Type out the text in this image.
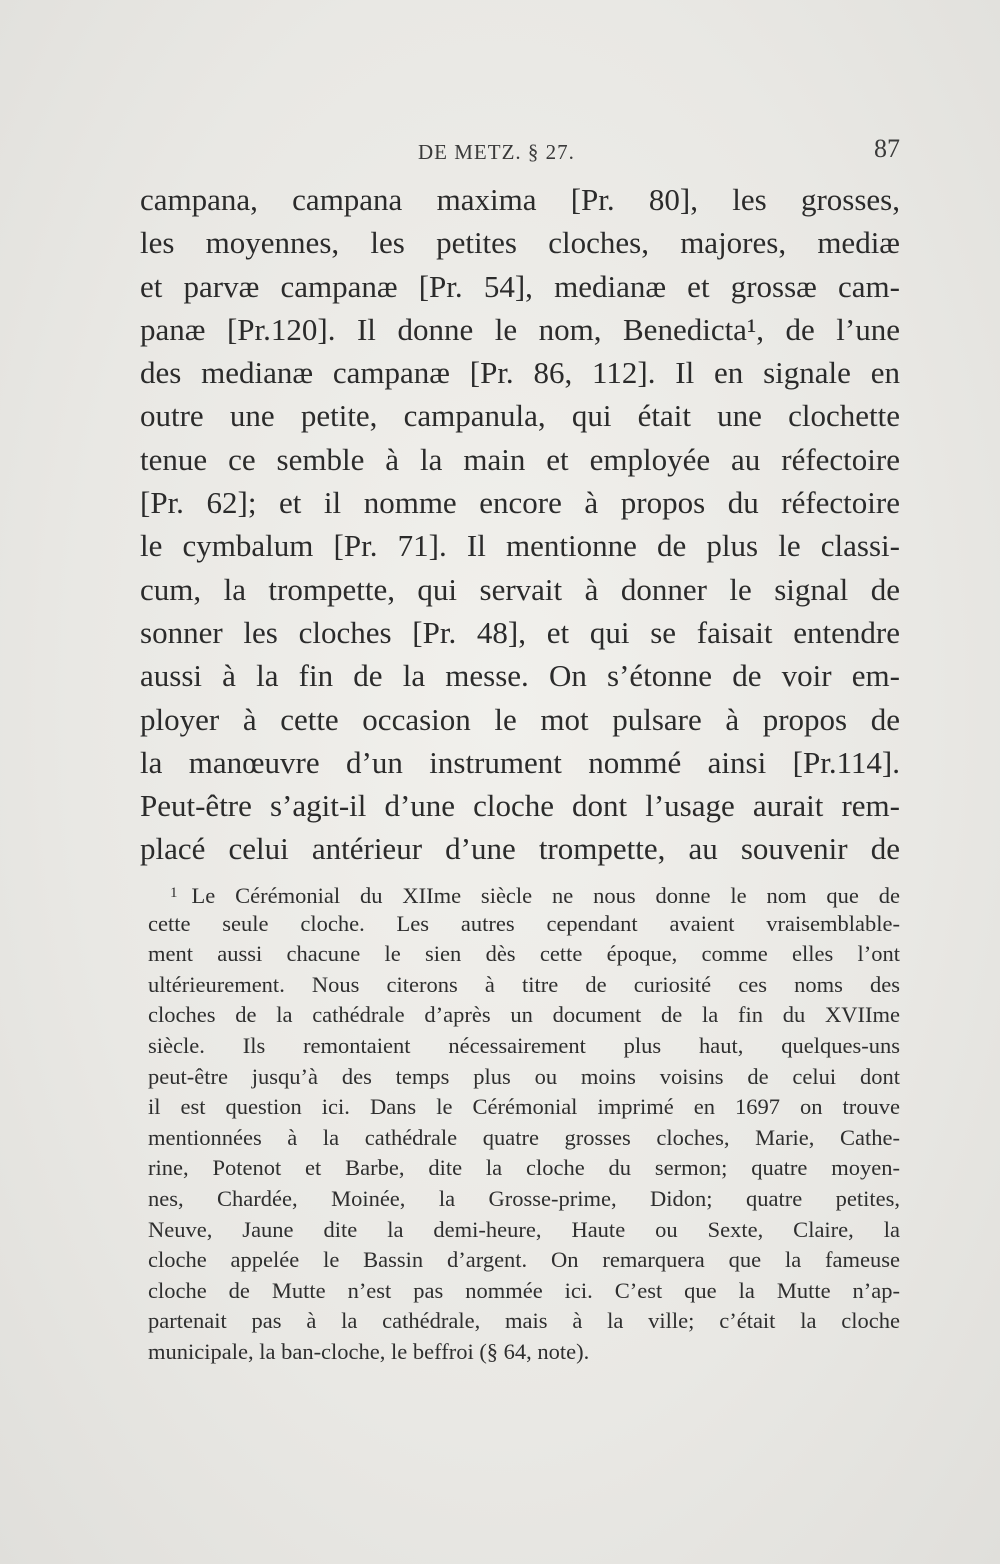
DE METZ. § 27.	87
campana, campana maxima [Pr. 80], les grosses,
les moyennes, les petites cloches, majores, mediæ
et parvæ campanæ [Pr. 54], medianæ et grossæ cam-
panæ [Pr.120]. Il donne le nom, Benedicta¹, de l’une
des medianæ campanæ [Pr. 86, 112]. Il en signale en
outre une petite, campanula, qui était une clochette
tenue ce semble à la main et employée au réfectoire
[Pr. 62]; et il nomme encore à propos du réfectoire
le cymbalum [Pr. 71]. Il mentionne de plus le classi-
cum, la trompette, qui servait à donner le signal de
sonner les cloches [Pr. 48], et qui se faisait entendre
aussi à la fin de la messe. On s’étonne de voir em-
ployer à cette occasion le mot pulsare à propos de
la manœuvre d’un instrument nommé ainsi [Pr.114].
Peut-être s’agit-il d’une cloche dont l’usage aurait rem-
placé celui antérieur d’une trompette, au souvenir de
$^1$ Le Cérémonial du XIIme siècle ne nous donne le nom que de
cette seule cloche. Les autres cependant avaient vraisemblable-
ment aussi chacune le sien dès cette époque, comme elles l’ont
ultérieurement. Nous citerons à titre de curiosité ces noms des
cloches de la cathédrale d’après un document de la fin du XVIIme
siècle. Ils remontaient nécessairement plus haut, quelques-uns
peut-être jusqu’à des temps plus ou moins voisins de celui dont
il est question ici. Dans le Cérémonial imprimé en 1697 on trouve
mentionnées à la cathédrale quatre grosses cloches, Marie, Cathe-
rine, Potenot et Barbe, dite la cloche du sermon; quatre moyen-
nes, Chardée, Moinée, la Grosse-prime, Didon; quatre petites,
Neuve, Jaune dite la demi-heure, Haute ou Sexte, Claire, la
cloche appelée le Bassin d’argent. On remarquera que la fameuse
cloche de Mutte n’est pas nommée ici. C’est que la Mutte n’ap-
partenait pas à la cathédrale, mais à la ville; c’était la cloche
municipale, la ban-cloche, le beffroi (§ 64, note).
